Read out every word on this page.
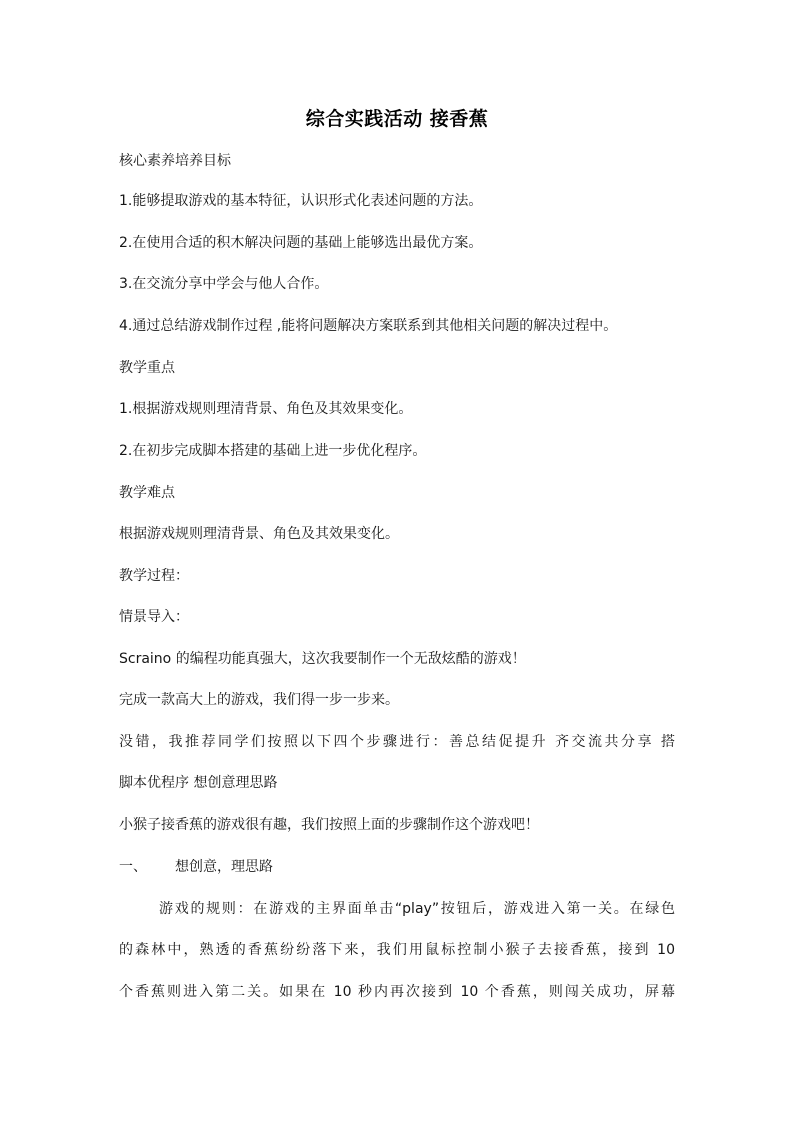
综合实践活动 接香蕉
核心素养培养目标
1.能够提取游戏的基本特征，认识形式化表述问题的方法。
2.在使用合适的积木解决问题的基础上能够选出最优方案。
3.在交流分享中学会与他人合作。
4.通过总结游戏制作过程 ,能将问题解决方案联系到其他相关问题的解决过程中。
教学重点
1.根据游戏规则理清背景、角色及其效果变化。
2.在初步完成脚本搭建的基础上进一步优化程序。
教学难点
根据游戏规则理清背景、角色及其效果变化。
教学过程：
情景导入：
Scraino 的编程功能真强大，这次我要制作一个无敌炫酷的游戏！
完成一款高大上的游戏，我们得一步一步来。
没错，我推荐同学们按照以下四个步骤进行：善总结促提升 齐交流共分享 搭
脚本优程序 想创意理思路
小猴子接香蕉的游戏很有趣，我们按照上面的步骤制作这个游戏吧！
一、 想创意，理思路
游戏的规则：在游戏的主界面单击“play”按钮后，游戏进入第一关。在绿色
的森林中，熟透的香蕉纷纷落下来，我们用鼠标控制小猴子去接香蕉，接到 10
个香蕉则进入第二关。如果在 10 秒内再次接到 10 个香蕉，则闯关成功，屏幕
